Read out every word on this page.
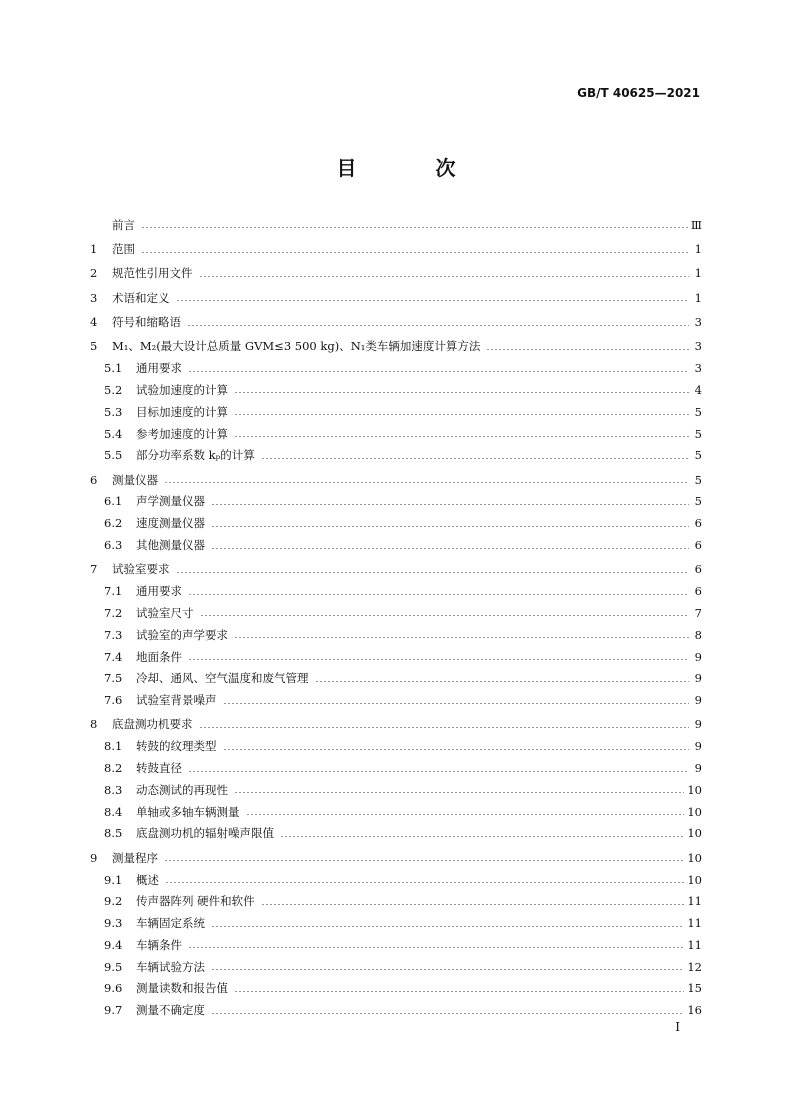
GB/T 40625—2021
目 次
前言	Ⅲ
1	范围	1
2	规范性引用文件	1
3	术语和定义	1
4	符号和缩略语	3
5	M₁、M₂(最大设计总质量 GVM≤3 500 kg)、N₁类车辆加速度计算方法	3
5.1	通用要求	3
5.2	试验加速度的计算	4
5.3	目标加速度的计算	5
5.4	参考加速度的计算	5
5.5	部分功率系数 kₚ的计算	5
6	测量仪器	5
6.1	声学测量仪器	5
6.2	速度测量仪器	6
6.3	其他测量仪器	6
7	试验室要求	6
7.1	通用要求	6
7.2	试验室尺寸	7
7.3	试验室的声学要求	8
7.4	地面条件	9
7.5	冷却、通风、空气温度和废气管理	9
7.6	试验室背景噪声	9
8	底盘测功机要求	9
8.1	转鼓的纹理类型	9
8.2	转鼓直径	9
8.3	动态测试的再现性	10
8.4	单轴或多轴车辆测量	10
8.5	底盘测功机的辐射噪声限值	10
9	测量程序	10
9.1	概述	10
9.2	传声器阵列 硬件和软件	11
9.3	车辆固定系统	11
9.4	车辆条件	11
9.5	车辆试验方法	12
9.6	测量读数和报告值	15
9.7	测量不确定度	16
I
